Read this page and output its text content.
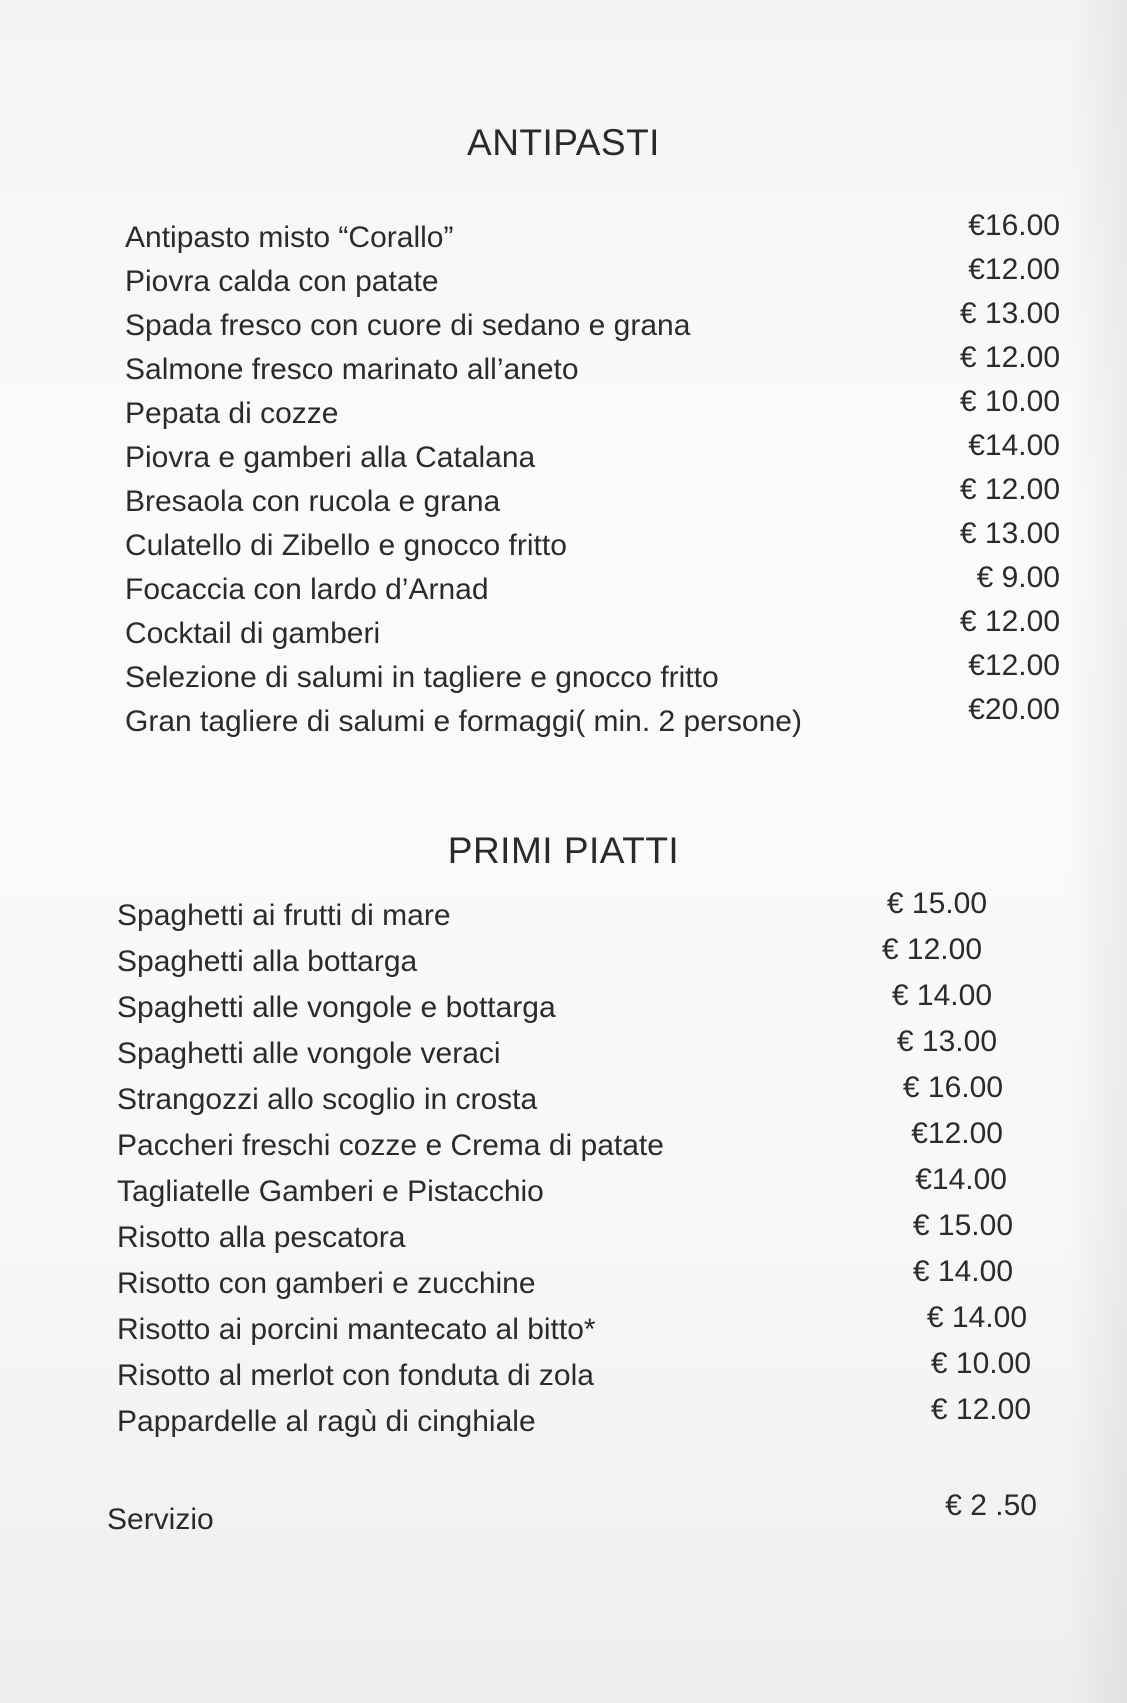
ANTIPASTI
Antipasto misto “Corallo”	€16.00
Piovra calda con patate	€12.00
Spada fresco con cuore di sedano e grana	€ 13.00
Salmone fresco marinato all’aneto	€ 12.00
Pepata di cozze	€ 10.00
Piovra e gamberi alla Catalana	€14.00
Bresaola con rucola e grana	€ 12.00
Culatello di Zibello e gnocco fritto	€ 13.00
Focaccia con lardo d’Arnad	€ 9.00
Cocktail di gamberi	€ 12.00
Selezione di salumi in tagliere e gnocco fritto	€12.00
Gran tagliere di salumi e formaggi( min. 2 persone)	€20.00
PRIMI PIATTI
Spaghetti ai frutti di mare	€ 15.00
Spaghetti alla bottarga	€ 12.00
Spaghetti alle vongole e bottarga	€ 14.00
Spaghetti alle vongole veraci	€ 13.00
Strangozzi allo scoglio in crosta	€ 16.00
Paccheri freschi cozze e Crema di patate	€12.00
Tagliatelle Gamberi e Pistacchio	€14.00
Risotto alla pescatora	€ 15.00
Risotto con gamberi e zucchine	€ 14.00
Risotto ai porcini mantecato al bitto*	€ 14.00
Risotto al merlot con fonduta di zola	€ 10.00
Pappardelle al ragù di cinghiale	€ 12.00
Servizio	€ 2 .50
